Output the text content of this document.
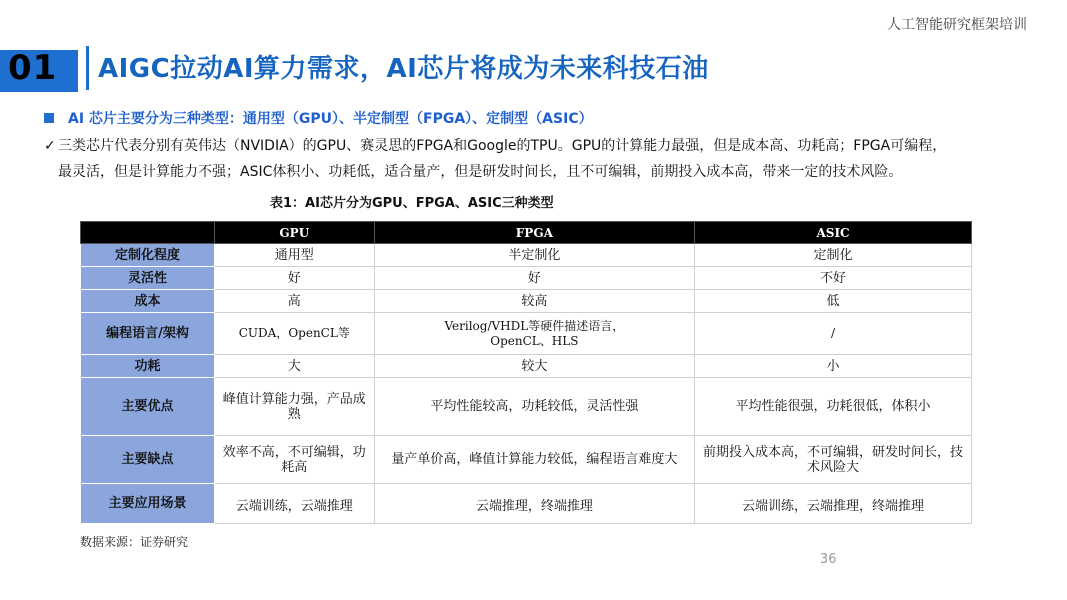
人工智能研究框架培训
01 AIGC拉动AI算力需求，AI芯片将成为未来科技石油
AI 芯片主要分为三种类型：通用型（GPU）、半定制型（FPGA）、定制型（ASIC）
✓ 三类芯片代表分别有英伟达（NVIDIA）的GPU、赛灵思的FPGA和Google的TPU。GPU的计算能力最强，但是成本高、功耗高；FPGA可编程，
最灵活，但是计算能力不强；ASIC体积小、功耗低，适合量产，但是研发时间长，且不可编辑，前期投入成本高，带来一定的技术风险。
表1：AI芯片分为GPU、FPGA、ASIC三种类型
	GPU	FPGA	ASIC
定制化程度	通用型	半定制化	定制化
灵活性	好	好	不好
成本	高	较高	低
编程语言/架构	CUDA，OpenCL等	Verilog/VHDL等硬件描述语言，OpenCL、HLS	/
功耗	大	较大	小
主要优点	峰值计算能力强，产品成熟	平均性能较高，功耗较低，灵活性强	平均性能很强，功耗很低，体积小
主要缺点	效率不高，不可编辑，功耗高	量产单价高，峰值计算能力较低，编程语言难度大	前期投入成本高，不可编辑，研发时间长，技术风险大
主要应用场景	云端训练，云端推理	云端推理，终端推理	云端训练，云端推理，终端推理
数据来源：证券研究
36
